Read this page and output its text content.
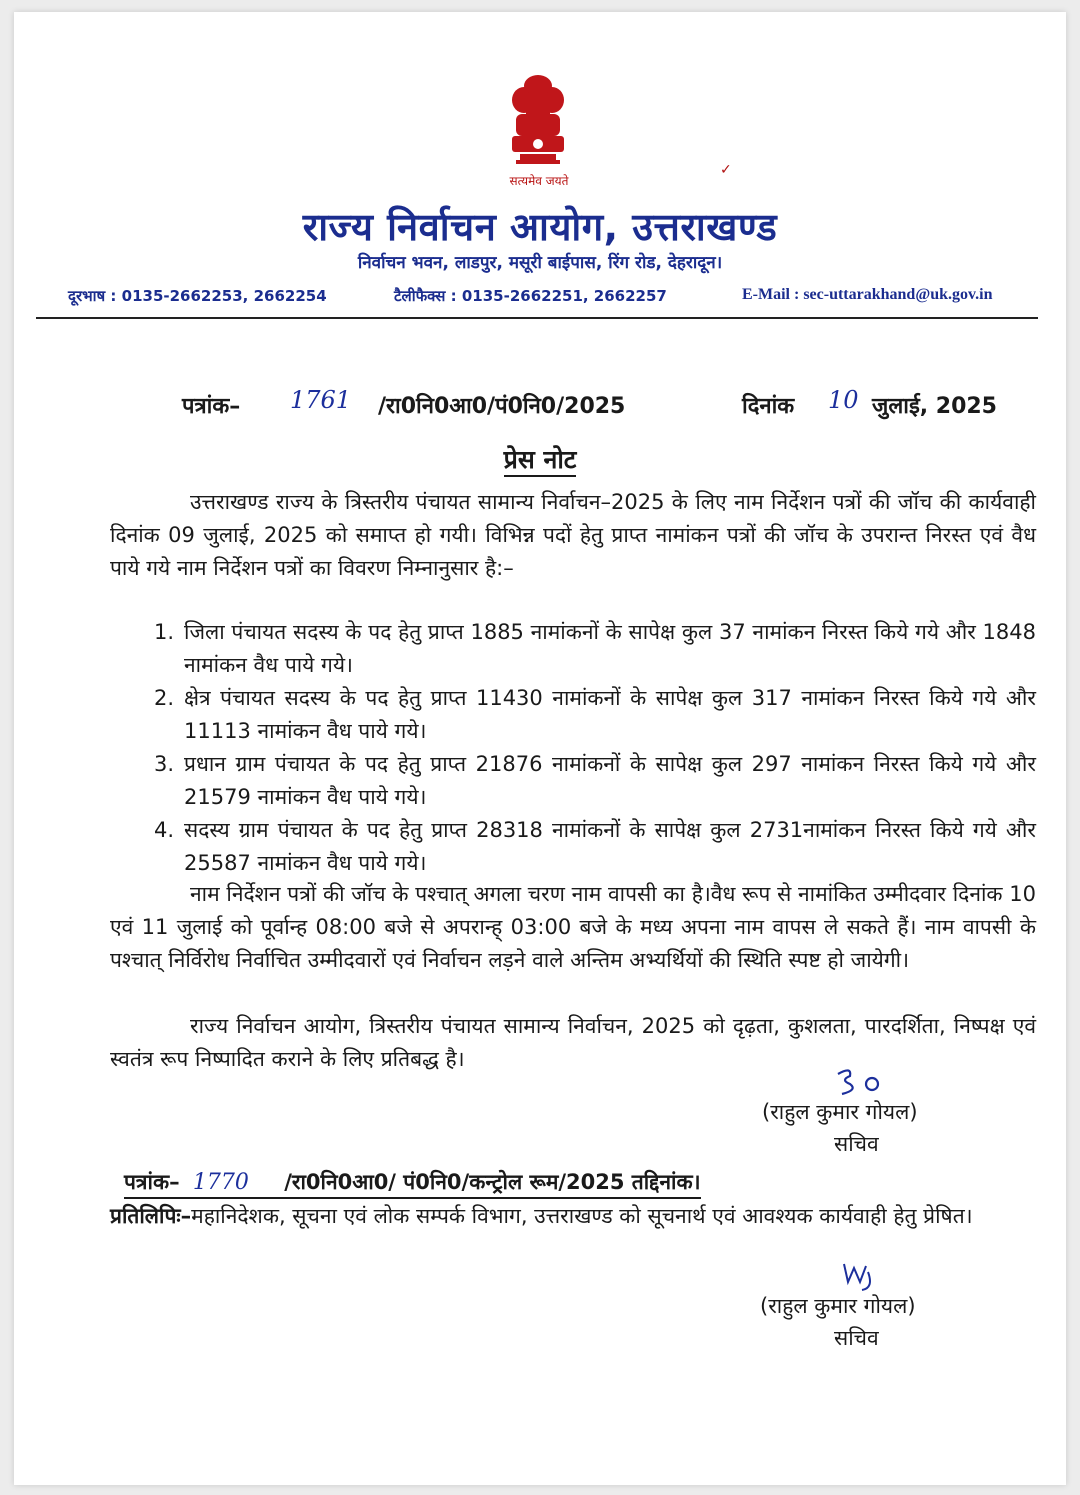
सत्यमेव जयते
✓
राज्य निर्वाचन आयोग, उत्तराखण्ड
निर्वाचन भवन, लाडपुर, मसूरी बाईपास, रिंग रोड, देहरादून।
दूरभाष : 0135-2662253, 2662254	टैलीफैक्स : 0135-2662251, 2662257	E-Mail : sec-uttarakhand@uk.gov.in
पत्रांक– 1761 /रा0नि0आ0/पं0नि0/2025	दिनांक 10 जुलाई, 2025
प्रेस नोट
उत्तराखण्ड राज्य के त्रिस्तरीय पंचायत सामान्य निर्वाचन–2025 के लिए नाम निर्देशन पत्रों की जॉच की कार्यवाही दिनांक 09 जुलाई, 2025 को समाप्त हो गयी। विभिन्न पदों हेतु प्राप्त नामांकन पत्रों की जॉच के उपरान्त निरस्त एवं वैध पाये गये नाम निर्देशन पत्रों का विवरण निम्नानुसार है:–
1. जिला पंचायत सदस्य के पद हेतु प्राप्त 1885 नामांकनों के सापेक्ष कुल 37 नामांकन निरस्त किये गये और 1848 नामांकन वैध पाये गये।
2. क्षेत्र पंचायत सदस्य के पद हेतु प्राप्त 11430 नामांकनों के सापेक्ष कुल 317 नामांकन निरस्त किये गये और 11113 नामांकन वैध पाये गये।
3. प्रधान ग्राम पंचायत के पद हेतु प्राप्त 21876 नामांकनों के सापेक्ष कुल 297 नामांकन निरस्त किये गये और 21579 नामांकन वैध पाये गये।
4. सदस्य ग्राम पंचायत के पद हेतु प्राप्त 28318 नामांकनों के सापेक्ष कुल 2731नामांकन निरस्त किये गये और 25587 नामांकन वैध पाये गये।
नाम निर्देशन पत्रों की जॉच के पश्चात् अगला चरण नाम वापसी का है।वैध रूप से नामांकित उम्मीदवार दिनांक 10 एवं 11 जुलाई को पूर्वान्ह 08:00 बजे से अपरान्ह् 03:00 बजे के मध्य अपना नाम वापस ले सकते हैं। नाम वापसी के पश्चात् निर्विरोध निर्वाचित उम्मीदवारों एवं निर्वाचन लड़ने वाले अन्तिम अभ्यर्थियों की स्थिति स्पष्ट हो जायेगी।
राज्य निर्वाचन आयोग, त्रिस्तरीय पंचायत सामान्य निर्वाचन, 2025 को दृढ़ता, कुशलता, पारदर्शिता, निष्पक्ष एवं स्वतंत्र रूप निष्पादित कराने के लिए प्रतिबद्ध है।
(राहुल कुमार गोयल)
सचिव
पत्रांक– 1770 /रा0नि0आ0/ पं0नि0/कन्ट्रोल रूम/2025 तद्दिनांक।
प्रतिलिपिः–महानिदेशक, सूचना एवं लोक सम्पर्क विभाग, उत्तराखण्ड को सूचनार्थ एवं आवश्यक कार्यवाही हेतु प्रेषित।
(राहुल कुमार गोयल)
सचिव
